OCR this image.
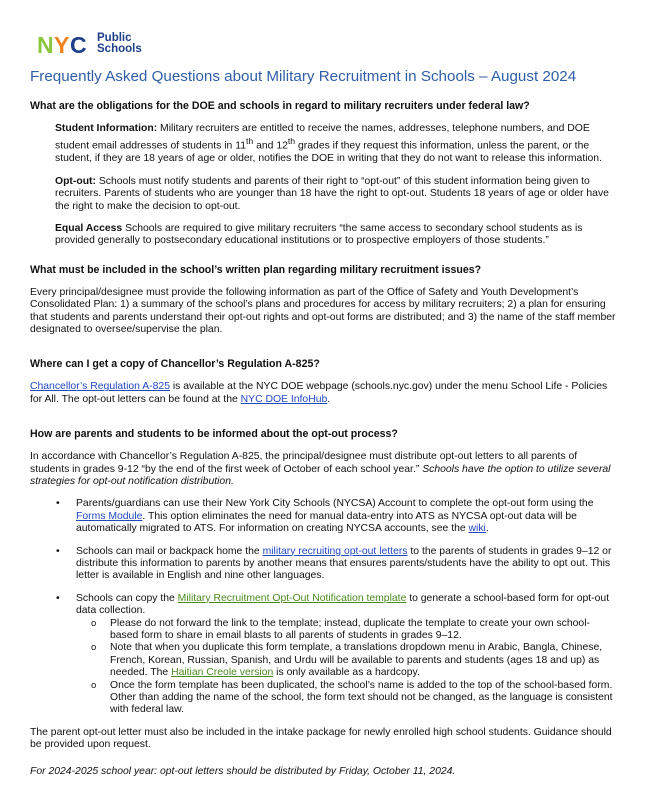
N Y C Public
Schools
Frequently Asked Questions about Military Recruitment in Schools – August 2024
What are the obligations for the DOE and schools in regard to military recruiters under federal law?

Student Information: Military recruiters are entitled to receive the names, addresses, telephone numbers, and DOE student email addresses of students in 11th and 12th grades if they request this information, unless the parent, or the student, if they are 18 years of age or older, notifies the DOE in writing that they do not want to release this information.

Opt-out: Schools must notify students and parents of their right to “opt-out” of this student information being given to recruiters. Parents of students who are younger than 18 have the right to opt-out. Students 18 years of age or older have the right to make the decision to opt-out.

Equal Access Schools are required to give military recruiters “the same access to secondary school students as is provided generally to postsecondary educational institutions or to prospective employers of those students.”

What must be included in the school’s written plan regarding military recruitment issues?

Every principal/designee must provide the following information as part of the Office of Safety and Youth Development’s Consolidated Plan: 1) a summary of the school’s plans and procedures for access by military recruiters; 2) a plan for ensuring that students and parents understand their opt-out rights and opt-out forms are distributed; and 3) the name of the staff member designated to oversee/supervise the plan.

Where can I get a copy of Chancellor’s Regulation A-825?

Chancellor’s Regulation A-825 is available at the NYC DOE webpage (schools.nyc.gov) under the menu School Life - Policies for All. The opt-out letters can be found at the NYC DOE InfoHub.

How are parents and students to be informed about the opt-out process?

In accordance with Chancellor’s Regulation A-825, the principal/designee must distribute opt-out letters to all parents of students in grades 9-12 “by the end of the first week of October of each school year.” Schools have the option to utilize several strategies for opt-out notification distribution.

• Parents/guardians can use their New York City Schools (NYCSA) Account to complete the opt-out form using the Forms Module. This option eliminates the need for manual data-entry into ATS as NYCSA opt-out data will be automatically migrated to ATS. For information on creating NYCSA accounts, see the wiki.
• Schools can mail or backpack home the military recruiting opt-out letters to the parents of students in grades 9–12 or distribute this information to parents by another means that ensures parents/students have the ability to opt out. This letter is available in English and nine other languages.
• Schools can copy the Military Recruitment Opt-Out Notification template to generate a school-based form for opt-out data collection.
o Please do not forward the link to the template; instead, duplicate the template to create your own school-based form to share in email blasts to all parents of students in grades 9–12.
o Note that when you duplicate this form template, a translations dropdown menu in Arabic, Bangla, Chinese, French, Korean, Russian, Spanish, and Urdu will be available to parents and students (ages 18 and up) as needed. The Haitian Creole version is only available as a hardcopy.
o Once the form template has been duplicated, the school’s name is added to the top of the school-based form. Other than adding the name of the school, the form text should not be changed, as the language is consistent with federal law.

The parent opt-out letter must also be included in the intake package for newly enrolled high school students. Guidance should be provided upon request.

For 2024-2025 school year: opt-out letters should be distributed by Friday, October 11, 2024.
